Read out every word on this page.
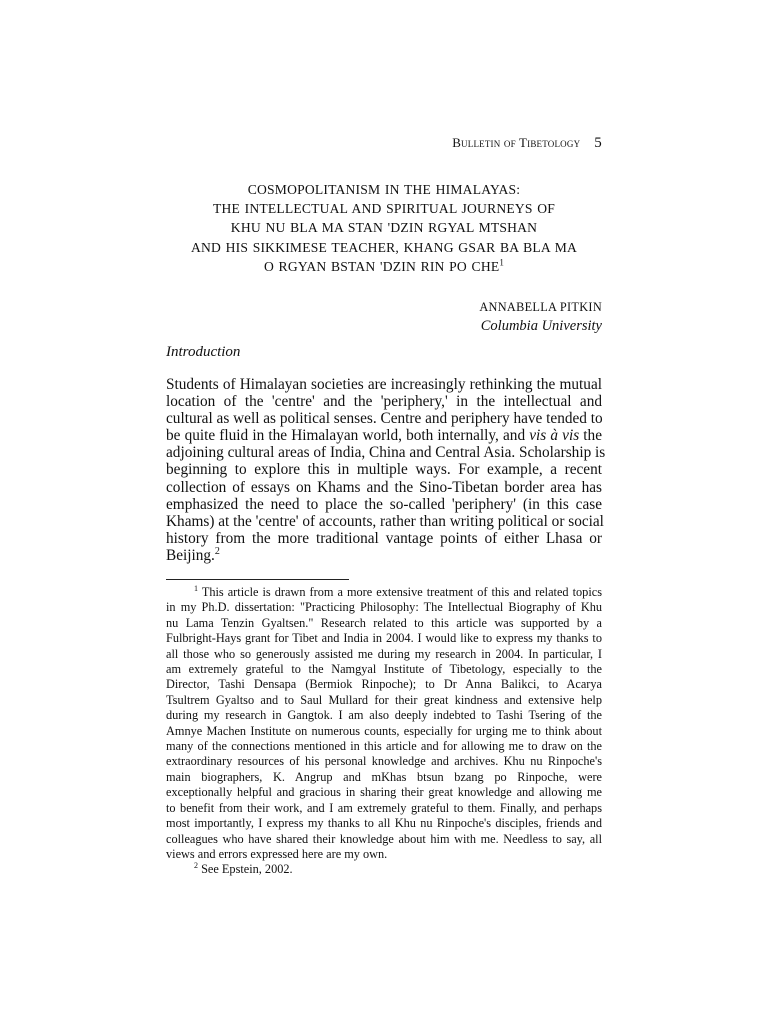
Bulletin of Tibetology 5
COSMOPOLITANISM IN THE HIMALAYAS:
THE INTELLECTUAL AND SPIRITUAL JOURNEYS OF
KHU NU BLA MA STAN 'DZIN RGYAL MTSHAN
AND HIS SIKKIMESE TEACHER, KHANG GSAR BA BLA MA
O RGYAN BSTAN 'DZIN RIN PO CHE$^1$
ANNABELLA PITKIN
Columbia University
Introduction
Students of Himalayan societies are increasingly rethinking the mutual
location of the 'centre' and the 'periphery,' in the intellectual and
cultural as well as political senses. Centre and periphery have tended to
be quite fluid in the Himalayan world, both internally, and vis à vis the
adjoining cultural areas of India, China and Central Asia. Scholarship is
beginning to explore this in multiple ways. For example, a recent
collection of essays on Khams and the Sino-Tibetan border area has
emphasized the need to place the so-called 'periphery' (in this case
Khams) at the 'centre' of accounts, rather than writing political or social
history from the more traditional vantage points of either Lhasa or
Beijing.$^2$
$^1$ This article is drawn from a more extensive treatment of this and related topics
in my Ph.D. dissertation: "Practicing Philosophy: The Intellectual Biography of Khu
nu Lama Tenzin Gyaltsen." Research related to this article was supported by a
Fulbright-Hays grant for Tibet and India in 2004. I would like to express my thanks to
all those who so generously assisted me during my research in 2004. In particular, I
am extremely grateful to the Namgyal Institute of Tibetology, especially to the
Director, Tashi Densapa (Bermiok Rinpoche); to Dr Anna Balikci, to Acarya
Tsultrem Gyaltso and to Saul Mullard for their great kindness and extensive help
during my research in Gangtok. I am also deeply indebted to Tashi Tsering of the
Amnye Machen Institute on numerous counts, especially for urging me to think about
many of the connections mentioned in this article and for allowing me to draw on the
extraordinary resources of his personal knowledge and archives. Khu nu Rinpoche's
main biographers, K. Angrup and mKhas btsun bzang po Rinpoche, were
exceptionally helpful and gracious in sharing their great knowledge and allowing me
to benefit from their work, and I am extremely grateful to them. Finally, and perhaps
most importantly, I express my thanks to all Khu nu Rinpoche's disciples, friends and
colleagues who have shared their knowledge about him with me. Needless to say, all
views and errors expressed here are my own.
$^2$ See Epstein, 2002.
